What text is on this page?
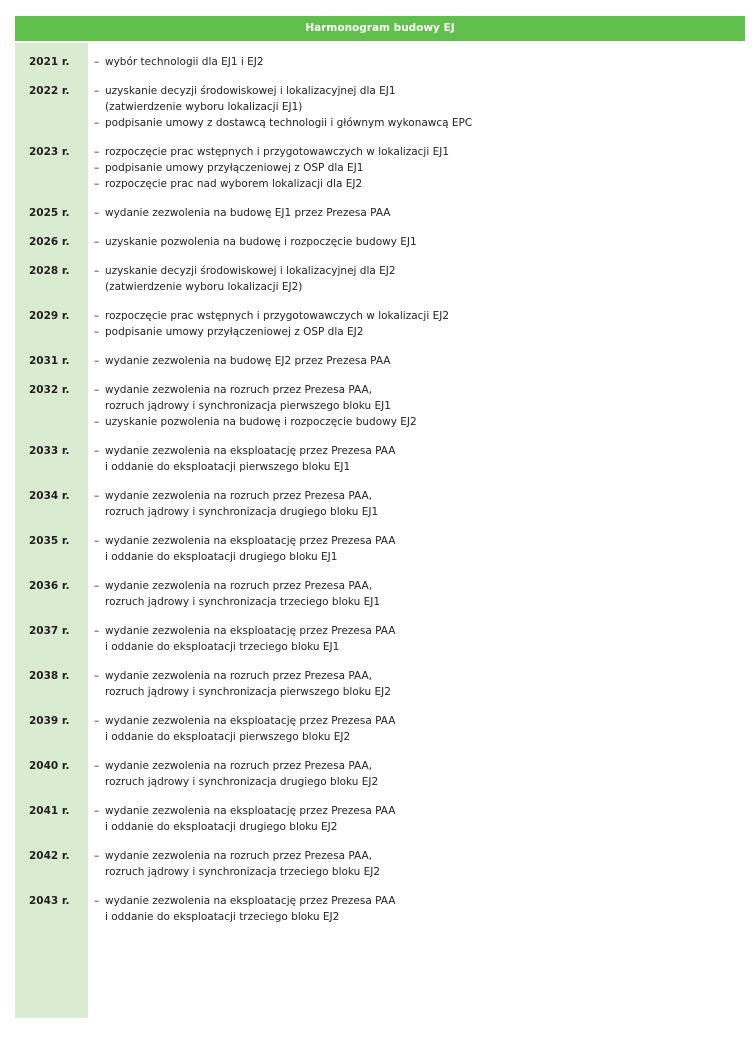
Harmonogram budowy EJ
2021 r.	– wybór technologii dla EJ1 i EJ2
2022 r.	– uzyskanie decyzji środowiskowej i lokalizacyjnej dla EJ1
(zatwierdzenie wyboru lokalizacji EJ1)
– podpisanie umowy z dostawcą technologii i głównym wykonawcą EPC
2023 r.	– rozpoczęcie prac wstępnych i przygotowawczych w lokalizacji EJ1
– podpisanie umowy przyłączeniowej z OSP dla EJ1
– rozpoczęcie prac nad wyborem lokalizacji dla EJ2
2025 r.	– wydanie zezwolenia na budowę EJ1 przez Prezesa PAA
2026 r.	– uzyskanie pozwolenia na budowę i rozpoczęcie budowy EJ1
2028 r.	– uzyskanie decyzji środowiskowej i lokalizacyjnej dla EJ2
(zatwierdzenie wyboru lokalizacji EJ2)
2029 r.	– rozpoczęcie prac wstępnych i przygotowawczych w lokalizacji EJ2
– podpisanie umowy przyłączeniowej z OSP dla EJ2
2031 r.	– wydanie zezwolenia na budowę EJ2 przez Prezesa PAA
2032 r.	– wydanie zezwolenia na rozruch przez Prezesa PAA,
rozruch jądrowy i synchronizacja pierwszego bloku EJ1
– uzyskanie pozwolenia na budowę i rozpoczęcie budowy EJ2
2033 r.	– wydanie zezwolenia na eksploatację przez Prezesa PAA
i oddanie do eksploatacji pierwszego bloku EJ1
2034 r.	– wydanie zezwolenia na rozruch przez Prezesa PAA,
rozruch jądrowy i synchronizacja drugiego bloku EJ1
2035 r.	– wydanie zezwolenia na eksploatację przez Prezesa PAA
i oddanie do eksploatacji drugiego bloku EJ1
2036 r.	– wydanie zezwolenia na rozruch przez Prezesa PAA,
rozruch jądrowy i synchronizacja trzeciego bloku EJ1
2037 r.	– wydanie zezwolenia na eksploatację przez Prezesa PAA
i oddanie do eksploatacji trzeciego bloku EJ1
2038 r.	– wydanie zezwolenia na rozruch przez Prezesa PAA,
rozruch jądrowy i synchronizacja pierwszego bloku EJ2
2039 r.	– wydanie zezwolenia na eksploatację przez Prezesa PAA
i oddanie do eksploatacji pierwszego bloku EJ2
2040 r.	– wydanie zezwolenia na rozruch przez Prezesa PAA,
rozruch jądrowy i synchronizacja drugiego bloku EJ2
2041 r.	– wydanie zezwolenia na eksploatację przez Prezesa PAA
i oddanie do eksploatacji drugiego bloku EJ2
2042 r.	– wydanie zezwolenia na rozruch przez Prezesa PAA,
rozruch jądrowy i synchronizacja trzeciego bloku EJ2
2043 r.	– wydanie zezwolenia na eksploatację przez Prezesa PAA
i oddanie do eksploatacji trzeciego bloku EJ2
